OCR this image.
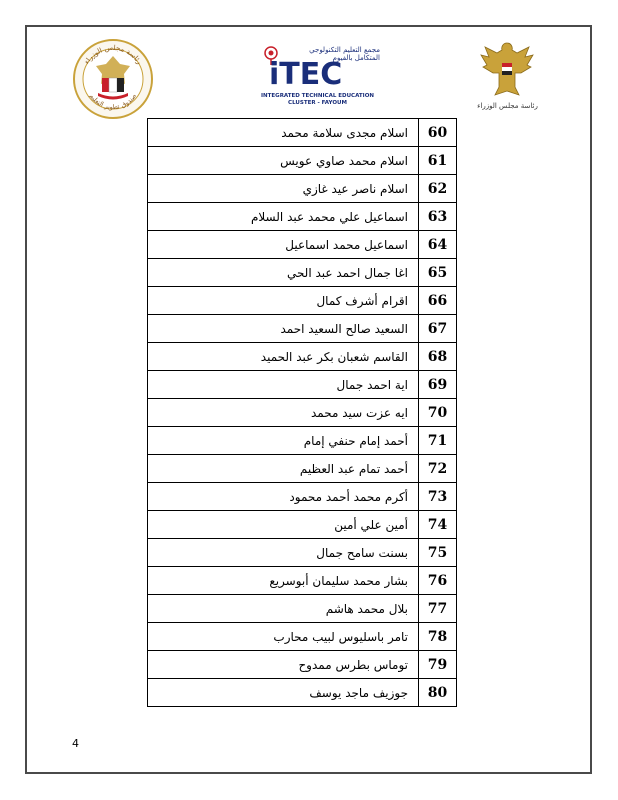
رئاسة مجلس الوزراء
صندوق تطوير التعليم
مجمع التعليم التكنولوجي المتكامل بالفيوم
iTEC
INTEGRATED TECHNICAL EDUCATION
CLUSTER - FAYOUM	رئاسة مجلس الوزراء
اسلام مجدى سلامة محمد	60
اسلام محمد صاوي عويس	61
اسلام ناصر عيد غازي	62
اسماعيل علي محمد عبد السلام	63
اسماعيل محمد اسماعيل	64
اغا جمال احمد عبد الحي	65
اقرام أشرف كمال	66
السعيد صالح السعيد احمد	67
القاسم شعبان بكر عبد الحميد	68
اية احمد جمال	69
ايه عزت سيد محمد	70
أحمد إمام حنفي إمام	71
أحمد تمام عبد العظيم	72
أكرم محمد أحمد محمود	73
أمين علي أمين	74
بسنت سامح جمال	75
بشار محمد سليمان أبوسريع	76
بلال محمد هاشم	77
تامر باسليوس لبيب محارب	78
توماس بطرس ممدوح	79
جوزيف ماجد يوسف	80
4
